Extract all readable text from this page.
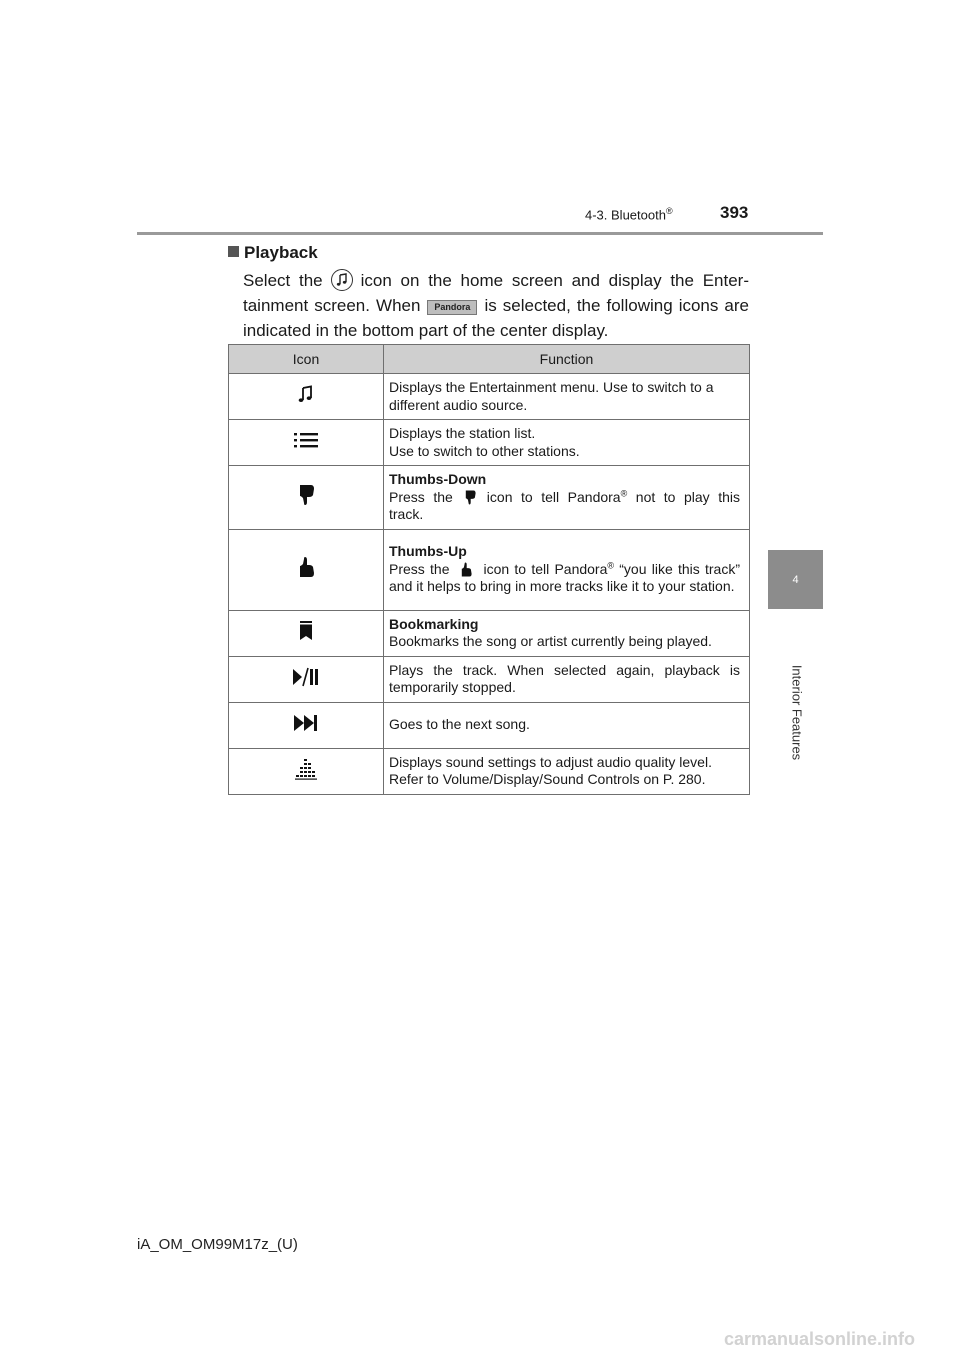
4-3. Bluetooth®	393
4
Interior Features
Playback
Select the icon on the home screen and display the Enter- tainment screen. When Pandora is selected, the following icons are indicated in the bottom part of the center display.
Icon	Function
	Displays the Entertainment menu. Use to switch to a different audio source.

Displays the station list.
Use to switch to other stations.

Thumbs-Down
Press the icon to tell Pandora® not to play this track.

Thumbs-Up
Press the icon to tell Pandora® “you like this track” and it helps to bring in more tracks like it to your station.

Bookmarking
Bookmarks the song or artist currently being played.

	Plays the track. When selected again, playback is temporarily stopped.
	Goes to the next song.

Displays sound settings to adjust audio quality level.
Refer to Volume/Display/Sound Controls on P. 280.
iA_OM_OM99M17z_(U)
carmanualsonline.info
